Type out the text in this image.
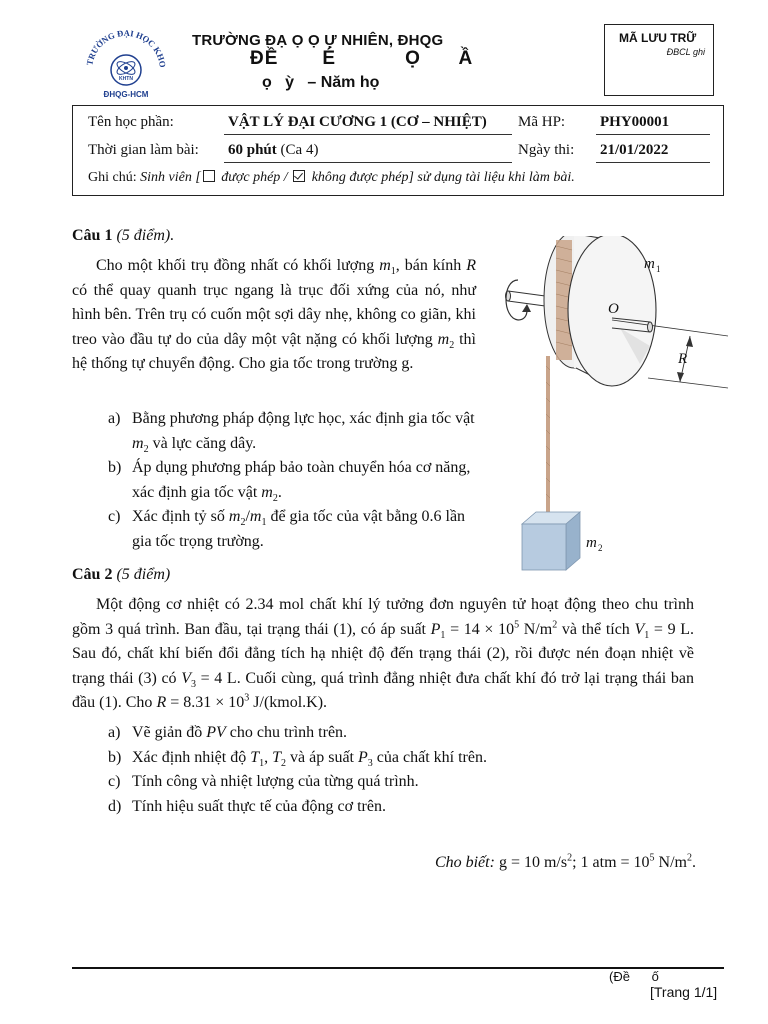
TRƯỜNG ĐẠI HỌC KHO
KHTN
ĐHQG-HCM
TRƯỜNG ĐẠ Ọ Ọ Ự NHIÊN, ĐHQG
ĐỀ       É           Ọ      Ầ
ọ   ỳ   – Năm họ
MÃ LƯU TRỮ
ĐBCL ghi
Tên học phần:	VẬT LÝ ĐẠI CƯƠNG 1 (CƠ – NHIỆT) Mã HP: PHY00001
Thời gian làm bài: 60 phút (Ca 4)	Ngày thi: 21/01/2022
Ghi chú: Sinh viên [ được phép /  không được phép] sử dụng tài liệu khi làm bài.
Câu 1 (5 điểm).
  Cho một khối trụ đồng nhất có khối lượng $m_1$, bán kính R có thể quay quanh trục ngang là trục đối xứng của nó, như hình bên. Trên trụ có cuốn một sợi dây nhẹ, không co giãn, khi treo vào đầu tự do của dây một vật nặng có khối lượng $m_2$ thì hệ thống tự chuyển động. Cho gia tốc trong trường g.
a) Bằng phương pháp động lực học, xác định gia tốc vật $m_2$ và lực căng dây.
b) Áp dụng phương pháp bảo toàn chuyển hóa cơ năng, xác định gia tốc vật $m_2$.
c) Xác định tỷ số $m_2/m_1$ để gia tốc của vật bằng 0.6 lần gia tốc trọng trường.
R
O
m 1
m 2
Câu 2 (5 điểm)
  Một động cơ nhiệt có 2.34 mol chất khí lý tưởng đơn nguyên tử hoạt động theo chu trình gồm 3 quá trình. Ban đầu, tại trạng thái (1), có áp suất $P_1 = 14 \times 10^5$ $N/m^2$ và thể tích $V_1 = 9$ L. Sau đó, chất khí biến đổi đẳng tích hạ nhiệt độ đến trạng thái (2), rồi được nén đoạn nhiệt về trạng thái (3) có $V_3 = 4$ L. Cuối cùng, quá trình đẳng nhiệt đưa chất khí đó trở lại trạng thái ban đầu (1). Cho $R = 8.31 \times 10^3$ J/(kmol.K).
a) Vẽ giản đồ PV cho chu trình trên.
b) Xác định nhiệt độ $T_1$, $T_2$ và áp suất $P_3$ của chất khí trên.
c) Tính công và nhiệt lượng của từng quá trình.
d) Tính hiệu suất thực tế của động cơ trên.
Cho biết: g = 10 $m/s^2$; 1 atm = $10^5$ $N/m^2$.
(Đề      ố
[Trang 1/1]
